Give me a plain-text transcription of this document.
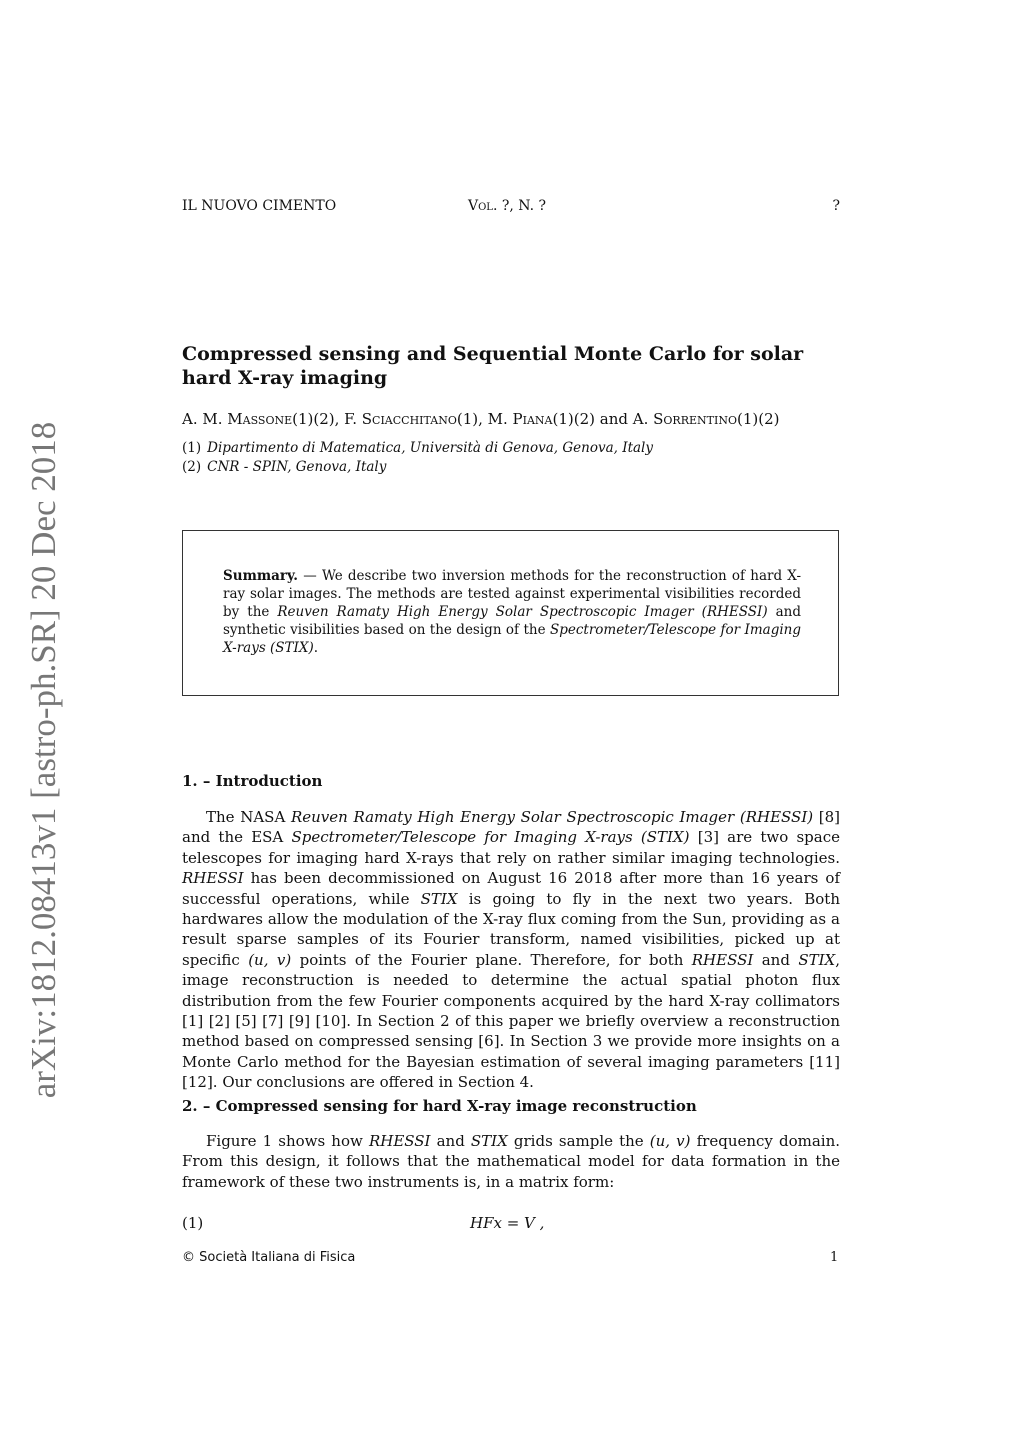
arXiv:1812.08413v1 [astro-ph.SR] 20 Dec 2018
IL NUOVO CIMENTO	Vol. ?, N. ?	?
Compressed sensing and Sequential Monte Carlo for solar hard X-ray imaging
A. M. Massone(1)(2), F. Sciacchitano(1), M. Piana(1)(2) and A. Sorrentino(1)(2)
(1) Dipartimento di Matematica, Università di Genova, Genova, Italy
(2) CNR - SPIN, Genova, Italy
Summary. — We describe two inversion methods for the reconstruction of hard X-ray solar images. The methods are tested against experimental visibilities recorded by the Reuven Ramaty High Energy Solar Spectroscopic Imager (RHESSI) and synthetic visibilities based on the design of the Spectrometer/Telescope for Imaging X-rays (STIX).
1. – Introduction
The NASA Reuven Ramaty High Energy Solar Spectroscopic Imager (RHESSI) [8] and the ESA Spectrometer/Telescope for Imaging X-rays (STIX) [3] are two space telescopes for imaging hard X-rays that rely on rather similar imaging technologies. RHESSI has been decommissioned on August 16 2018 after more than 16 years of successful operations, while STIX is going to fly in the next two years. Both hardwares allow the modulation of the X-ray flux coming from the Sun, providing as a result sparse samples of its Fourier transform, named visibilities, picked up at specific (u, v) points of the Fourier plane. Therefore, for both RHESSI and STIX, image reconstruction is needed to determine the actual spatial photon flux distribution from the few Fourier components acquired by the hard X-ray collimators [1] [2] [5] [7] [9] [10]. In Section 2 of this paper we briefly overview a reconstruction method based on compressed sensing [6]. In Section 3 we provide more insights on a Monte Carlo method for the Bayesian estimation of several imaging parameters [11] [12]. Our conclusions are offered in Section 4.
2. – Compressed sensing for hard X-ray image reconstruction
Figure 1 shows how RHESSI and STIX grids sample the (u, v) frequency domain. From this design, it follows that the mathematical model for data formation in the framework of these two instruments is, in a matrix form:
(1)	HFx = V ,
© Società Italiana di Fisica	1
